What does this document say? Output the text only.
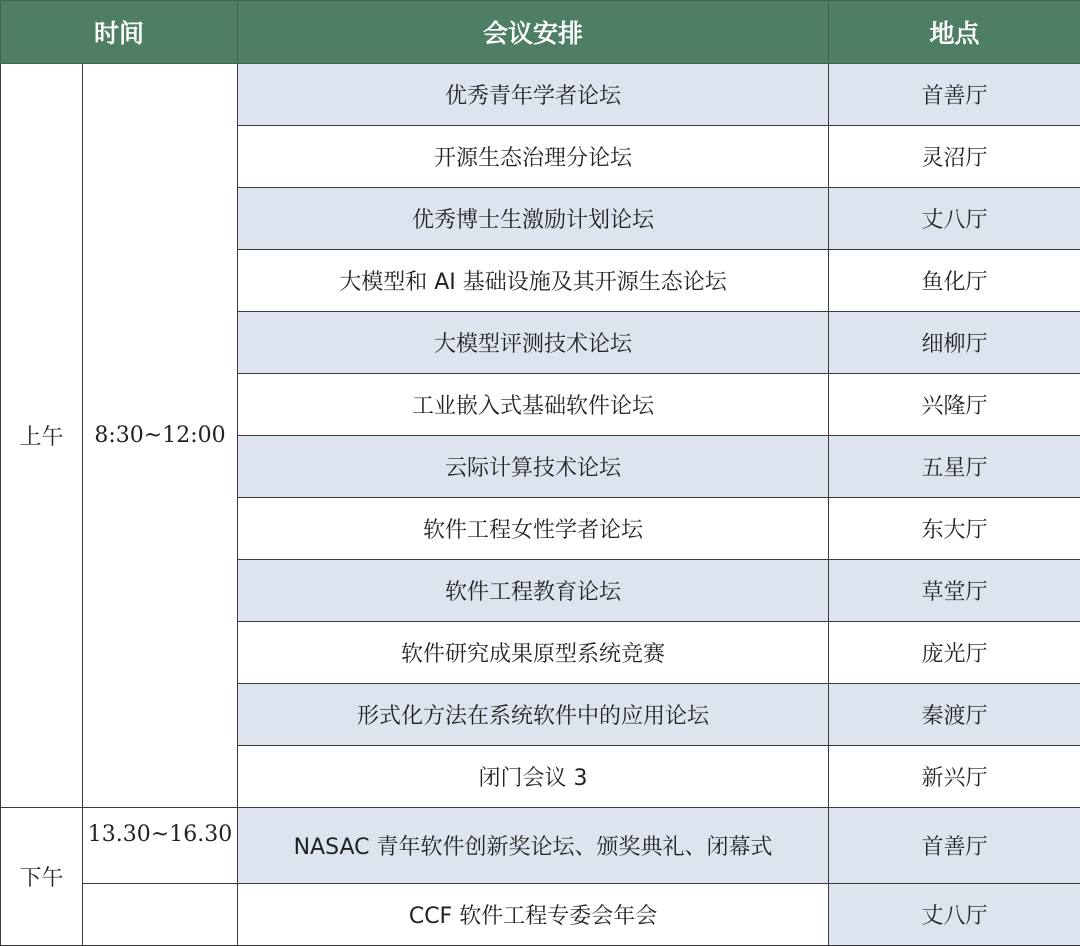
时间		会议安排	地点
上午	8:30~12:00	优秀青年学者论坛	首善厅
		开源生态治理分论坛	灵沼厅
		优秀博士生激励计划论坛	丈八厅
		大模型和 AI 基础设施及其开源生态论坛	鱼化厅
		大模型评测技术论坛	细柳厅
		工业嵌入式基础软件论坛	兴隆厅
		云际计算技术论坛	五星厅
		软件工程女性学者论坛	东大厅
		软件工程教育论坛	草堂厅
		软件研究成果原型系统竞赛	庞光厅
		形式化方法在系统软件中的应用论坛	秦渡厅
		闭门会议 3	新兴厅
下午	13.30~16.30	NASAC 青年软件创新奖论坛、颁奖典礼、闭幕式	首善厅
		CCF 软件工程专委会年会	丈八厅
